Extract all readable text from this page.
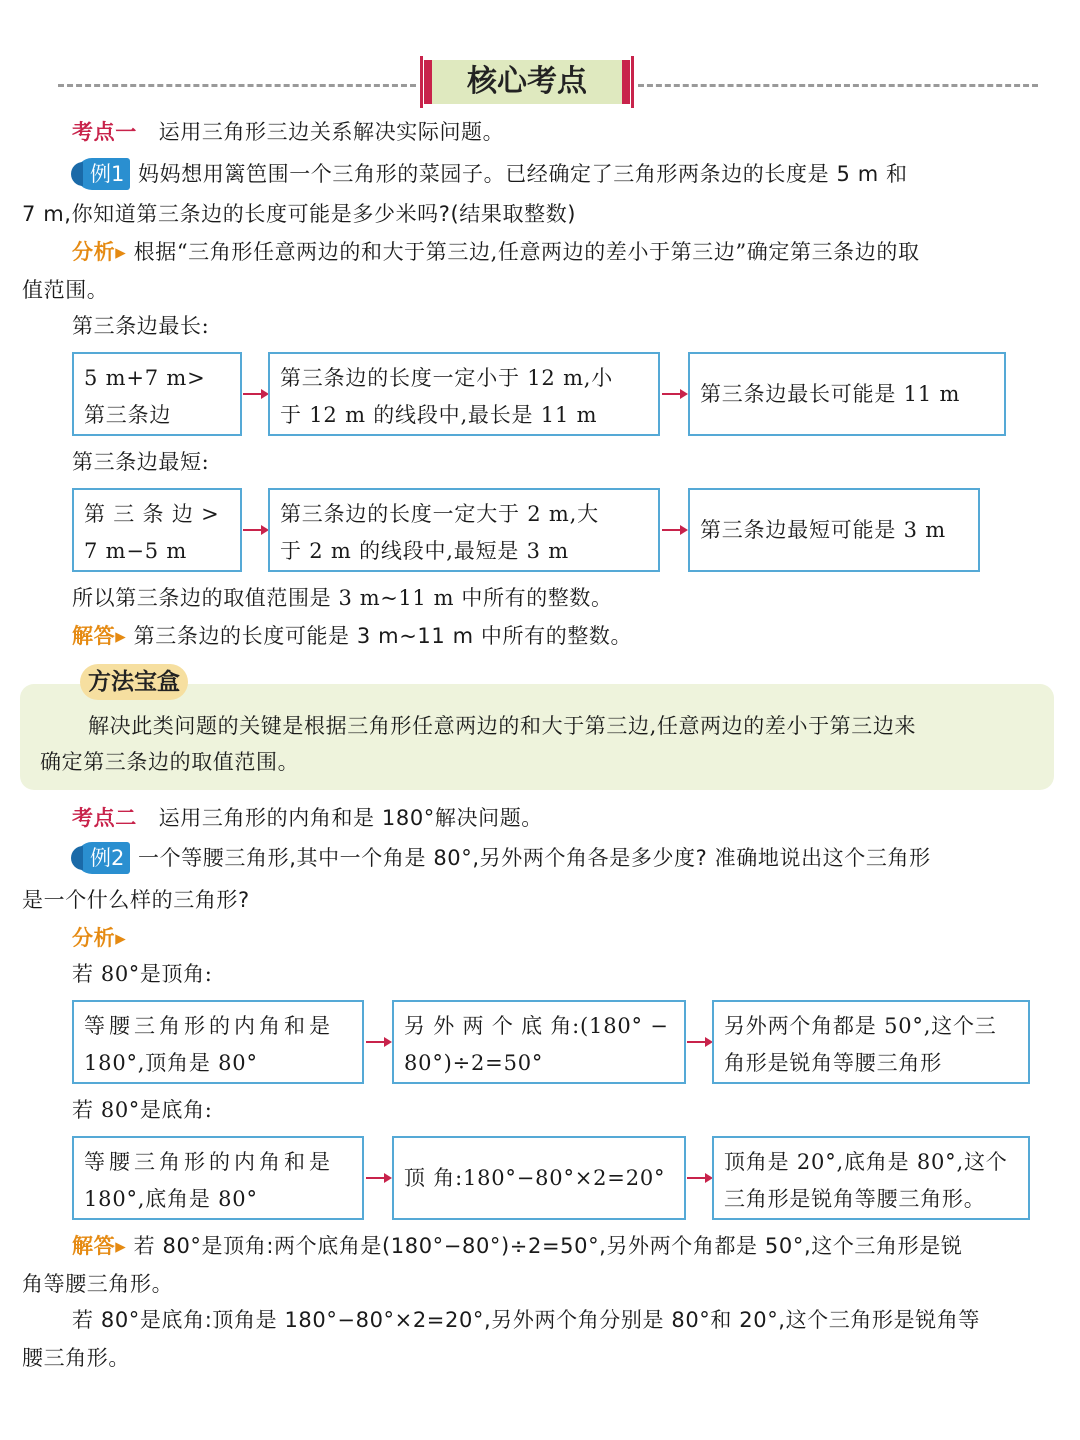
核心考点
考点一 运用三角形三边关系解决实际问题。
例1 妈妈想用篱笆围一个三角形的菜园子。已经确定了三角形两条边的长度是 5 m 和
7 m,你知道第三条边的长度可能是多少米吗?(结果取整数)
分析▸ 根据“三角形任意两边的和大于第三边,任意两边的差小于第三边”确定第三条边的取
值范围。
第三条边最长:
5 m+7 m>
第三条边
第三条边的长度一定小于 12 m,小
于 12 m 的线段中,最长是 11 m
第三条边最长可能是 11 m
第三条边最短:
第 三 条 边 >
7 m−5 m
第三条边的长度一定大于 2 m,大
于 2 m 的线段中,最短是 3 m
第三条边最短可能是 3 m
所以第三条边的取值范围是 3 m~11 m 中所有的整数。
解答▸ 第三条边的长度可能是 3 m~11 m 中所有的整数。
方法宝盒
解决此类问题的关键是根据三角形任意两边的和大于第三边,任意两边的差小于第三边来
确定第三条边的取值范围。
考点二 运用三角形的内角和是 180°解决问题。
例2 一个等腰三角形,其中一个角是 80°,另外两个角各是多少度? 准确地说出这个三角形
是一个什么样的三角形?
分析▸
若 80°是顶角:
等腰三角形的内角和是
180°,顶角是 80°
另 外 两 个 底 角:(180° −
80°)÷2=50°
另外两个角都是 50°,这个三
角形是锐角等腰三角形
若 80°是底角:
等腰三角形的内角和是
180°,底角是 80°
顶 角:180°−80°×2=20°
顶角是 20°,底角是 80°,这个
三角形是锐角等腰三角形。
解答▸ 若 80°是顶角:两个底角是(180°−80°)÷2=50°,另外两个角都是 50°,这个三角形是锐
角等腰三角形。
若 80°是底角:顶角是 180°−80°×2=20°,另外两个角分别是 80°和 20°,这个三角形是锐角等
腰三角形。
